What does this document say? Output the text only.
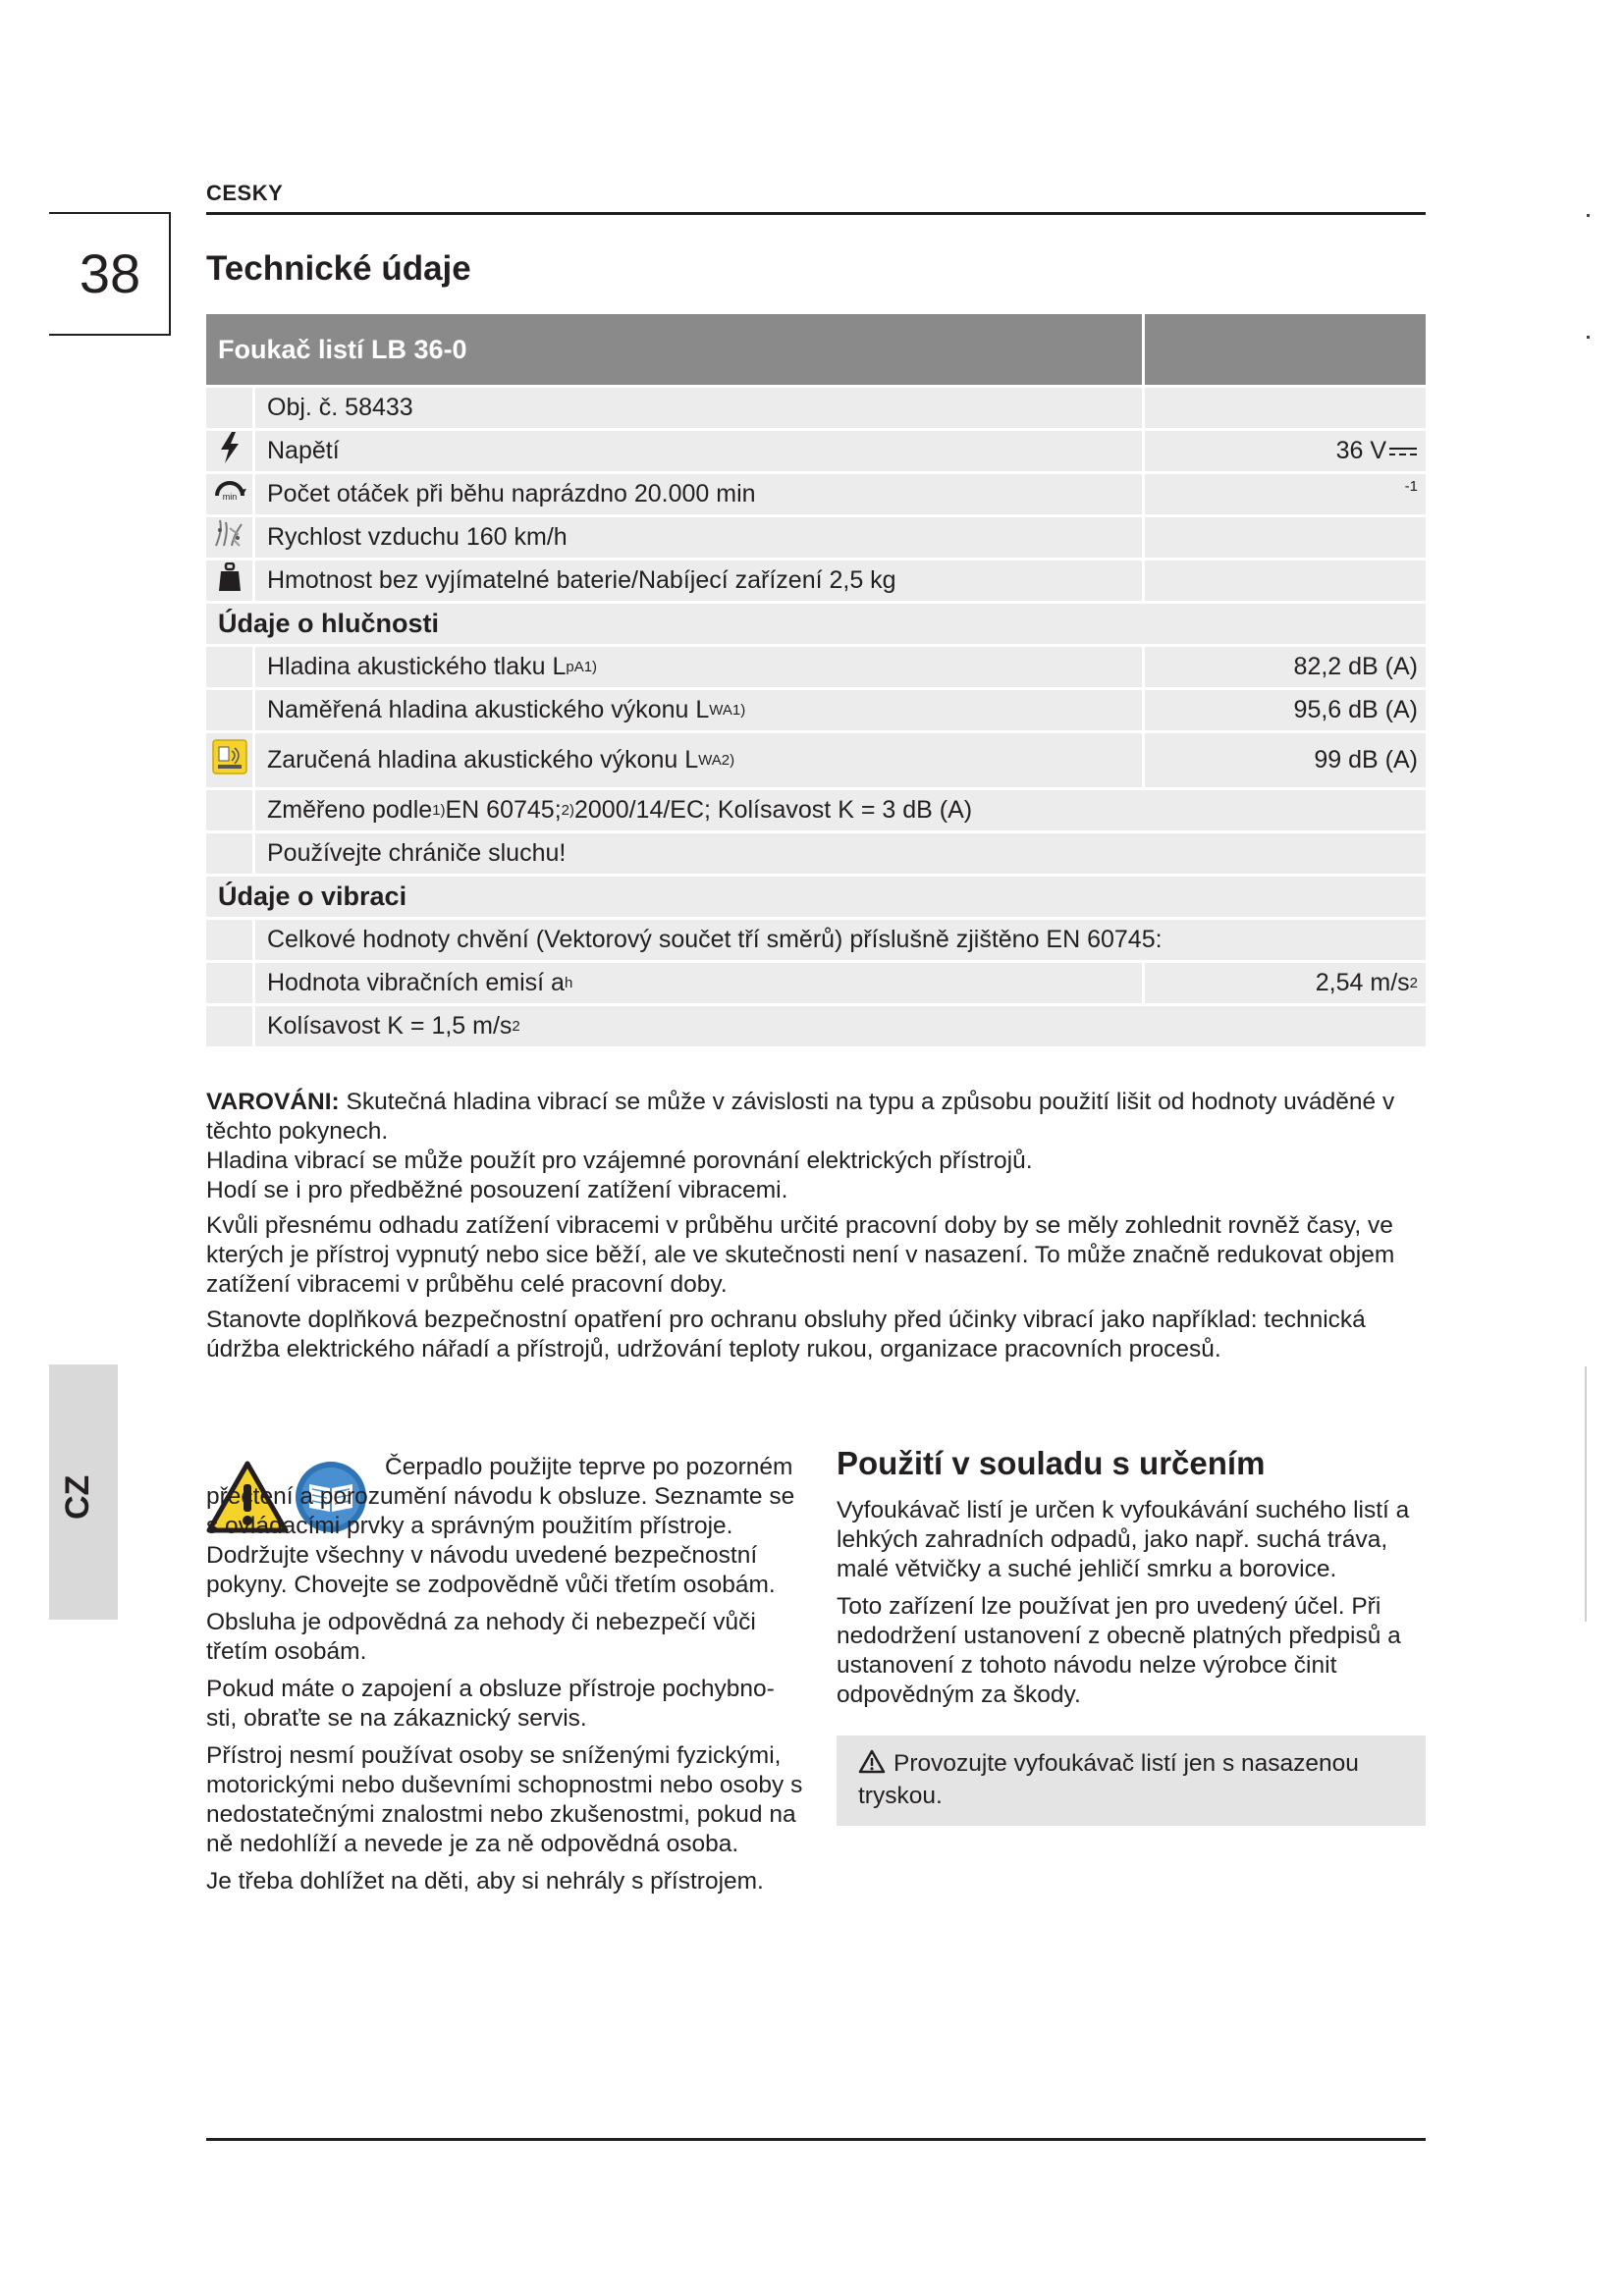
CESKY
38	Technické údaje
Foukač listí LB 36-0
Obj. č. 58433
Napětí	36 V
min	Počet otáček při běhu naprázdno 20.000 min	-1
Rychlost vzduchu 160 km/h
Hmotnost bez vyjímatelné baterie/Nabíjecí zařízení 2,5 kg
Údaje o hlučnosti
Hladina akustického tlaku L pA 1)	82,2 dB (A)
Naměřená hladina akustického výkonu L WA 1)	95,6 dB (A)
Zaručená hladina akustického výkonu L WA 2)	99 dB (A)
Změřeno podle 1) EN 60745; 2) 2000/14/EC; Kolísavost K = 3 dB (A)
Používejte chrániče sluchu!
Údaje o vibraci
Celkové hodnoty chvění (Vektorový součet tří směrů) příslušně zjištěno EN 60745:
Hodnota vibračních emisí a h	2,54 m/s 2
Kolísavost K = 1,5 m/s 2

VAROVÁNI: Skutečná hladina vibrací se může v závislosti na typu a způsobu použití lišit od hodnoty uváděné v těchto pokynech.
Hladina vibrací se může použít pro vzájemné porovnání elektrických přístrojů.
Hodí se i pro předběžné posouzení zatížení vibracemi.

Kvůli přesnému odhadu zatížení vibracemi v průběhu určité pracovní doby by se měly zohlednit rovněž časy, ve kterých je přístroj vypnutý nebo sice běží, ale ve skutečnosti není v nasazení. To může značně redukovat objem zatížení vibracemi v průběhu celé pracovní doby.

Stanovte doplňková bezpečnostní opatření pro ochranu obsluhy před účinky vibrací jako například: technická údržba elektrického nářadí a přístrojů, udržování teploty rukou, organizace pracovních procesů.

CZ

Čerpadlo použijte teprve po pozorném přečtení a porozumění návodu k obsluze. Seznamte se s ovládacími prvky a správným použitím přístroje. Dodržujte všechny v návodu uvedené bezpečnostní pokyny. Chovejte se zodpovědně vůči třetím osobám.

Obsluha je odpovědná za nehody či nebezpečí vůči třetím osobám.

Pokud máte o zapojení a obsluze přístroje pochybno-sti, obraťte se na zákaznický servis.

Přístroj nesmí používat osoby se sníženými fyzickými, motorickými nebo duševními schopnostmi nebo osoby s nedostatečnými znalostmi nebo zkušenostmi, pokud na ně nedohlíží a nevede je za ně odpovědná osoba.

Je třeba dohlížet na děti, aby si nehrály s přístrojem.

Použití v souladu s určením

Vyfoukávač listí je určen k vyfoukávání suchého listí a lehkých zahradních odpadů, jako např. suchá tráva, malé větvičky a suché jehličí smrku a borovice.

Toto zařízení lze používat jen pro uvedený účel. Při nedodržení ustanovení z obecně platných předpisů a ustanovení z tohoto návodu nelze výrobce činit odpovědným za škody.

Provozujte vyfoukávač listí jen s nasazenou tryskou.
